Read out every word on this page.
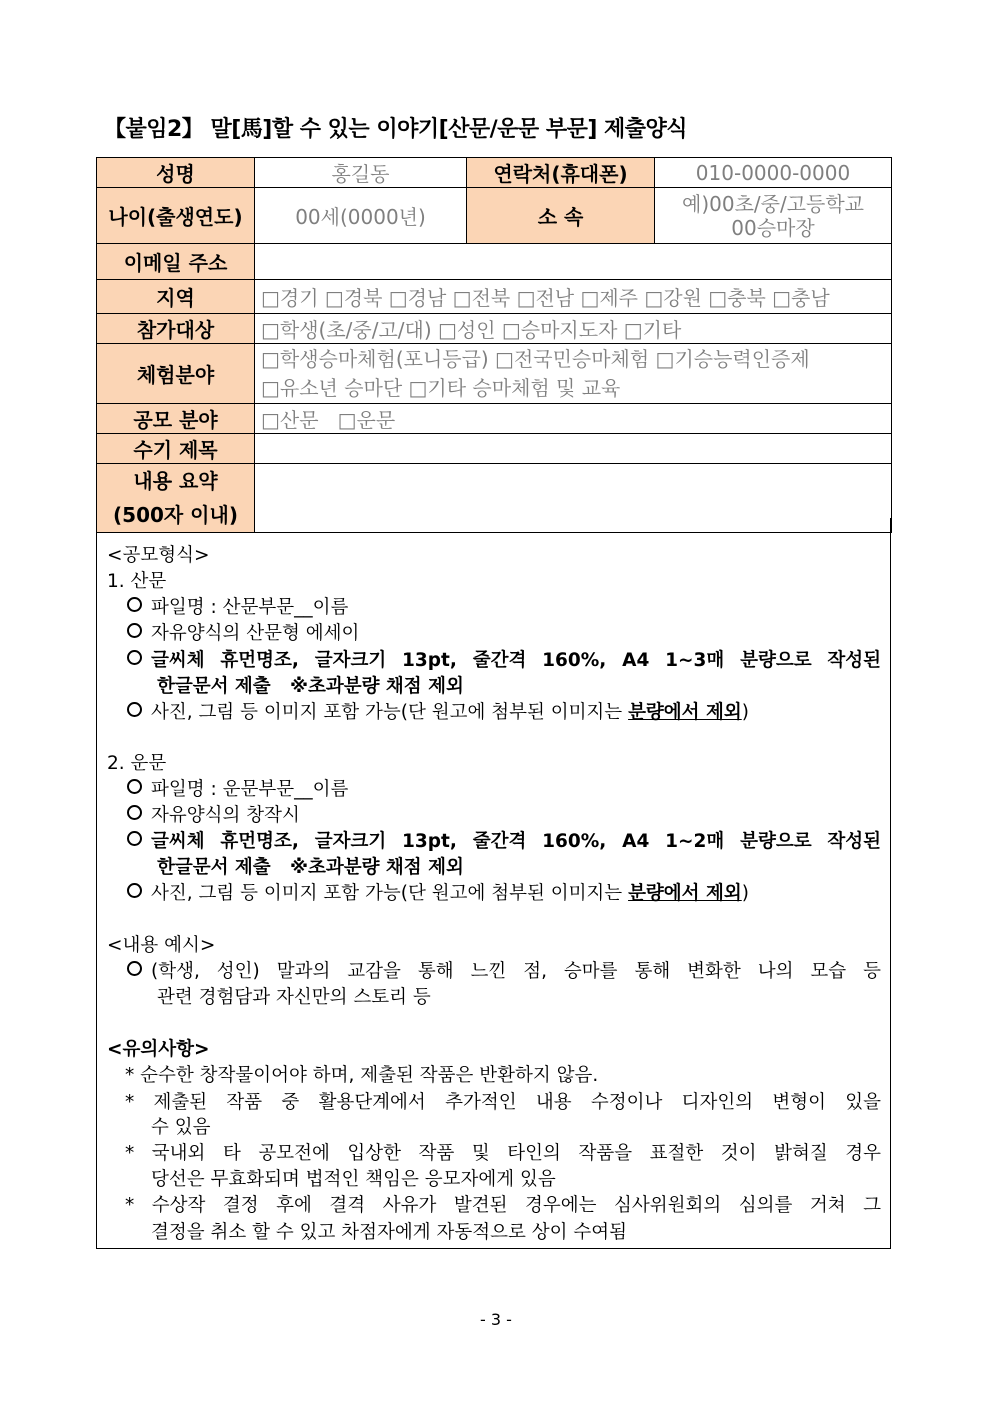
【붙임2】 말[馬]할 수 있는 이야기[산문/운문 부문] 제출양식
성명	홍길동	연락처(휴대폰)	010-0000-0000
나이(출생연도)	00세(0000년)	소 속	예)00초/중/고등학교
00승마장

이메일 주소			
지역	□경기 □경북 □경남 □전북 □전남 □제주 □강원 □충북 □충남		
참가대상	□학생(초/중/고/대) □성인 □승마지도자 □기타		
체험분야	□학생승마체험(포니등급) □전국민승마체험 □기승능력인증제
□유소년 승마단 □기타 승마체험 및 교육		

공모 분야	□산문   □운문		
수기 제목			

내용 요약
(500자 이내)			

<공모형식>
1. 산문
파일명 : 산문부문__이름
자유양식의 산문형 에세이
글씨체 휴먼명조, 글자크기 13pt, 줄간격 160%, A4 1~3매 분량으로 작성된
한글문서 제출   ※초과분량 채점 제외
사진, 그림 등 이미지 포함 가능(단 원고에 첨부된 이미지는 분량에서 제외)
2. 운문
파일명 : 운문부문__이름
자유양식의 창작시
글씨체 휴먼명조, 글자크기 13pt, 줄간격 160%, A4 1~2매 분량으로 작성된
한글문서 제출   ※초과분량 채점 제외
사진, 그림 등 이미지 포함 가능(단 원고에 첨부된 이미지는 분량에서 제외)
<내용 예시>
(학생, 성인) 말과의 교감을 통해 느낀 점, 승마를 통해 변화한 나의 모습 등
관련 경험담과 자신만의 스토리 등
<유의사항>
* 순수한 창작물이어야 하며, 제출된 작품은 반환하지 않음.
* 제출된 작품 중 활용단계에서 추가적인 내용 수정이나 디자인의 변형이 있을
수 있음
* 국내외 타 공모전에 입상한 작품 및 타인의 작품을 표절한 것이 밝혀질 경우
당선은 무효화되며 법적인 책임은 응모자에게 있음
* 수상작 결정 후에 결격 사유가 발견된 경우에는 심사위원회의 심의를 거쳐 그
결정을 취소 할 수 있고 차점자에게 자동적으로 상이 수여됨
- 3 -
